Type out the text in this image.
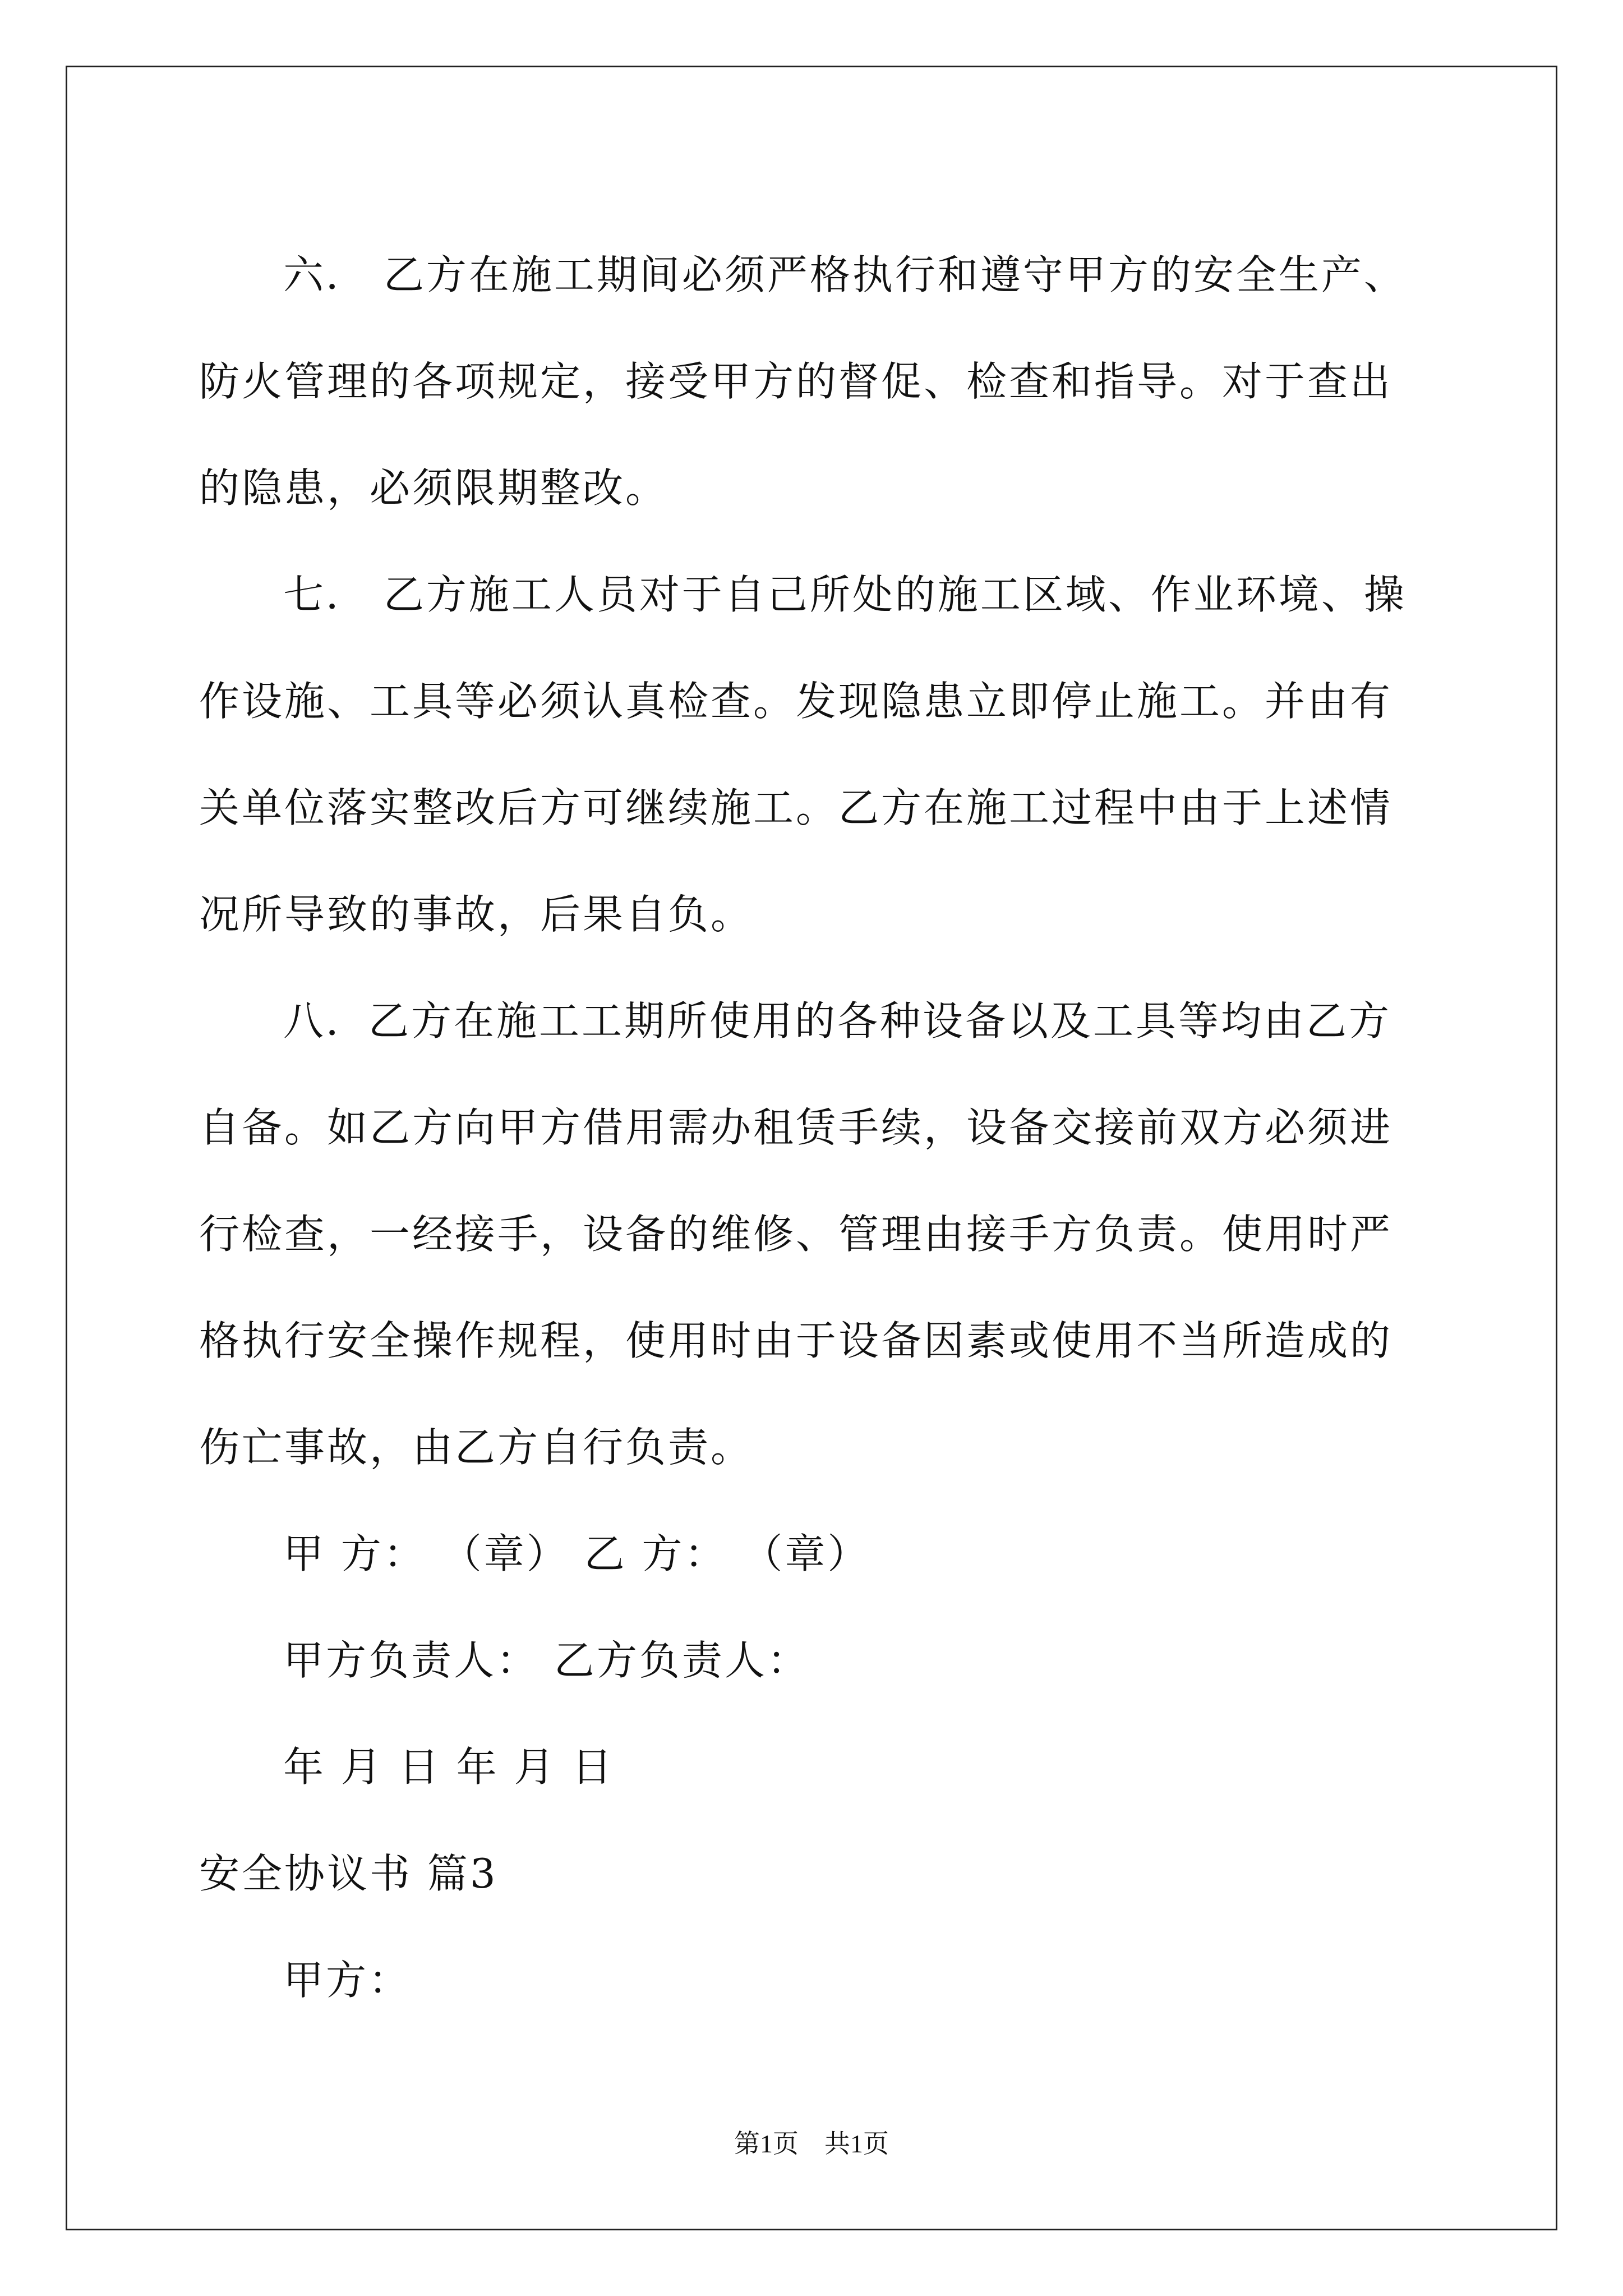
六． 乙方在施工期间必须严格执行和遵守甲方的安全生产、防火管理的各项规定，接受甲方的督促、检查和指导。对于查出的隐患，必须限期整改。

七． 乙方施工人员对于自己所处的施工区域、作业环境、操作设施、工具等必须认真检查。发现隐患立即停止施工。并由有关单位落实整改后方可继续施工。乙方在施工过程中由于上述情况所导致的事故，后果自负。

八．乙方在施工工期所使用的各种设备以及工具等均由乙方自备。如乙方向甲方借用需办租赁手续，设备交接前双方必须进行检查，一经接手，设备的维修、管理由接手方负责。使用时严格执行安全操作规程，使用时由于设备因素或使用不当所造成的伤亡事故，由乙方自行负责。

甲 方： （章） 乙 方： （章）

甲方负责人： 乙方负责人：

年 月 日 年 月 日

安全协议书 篇3

甲方：

第1页　共1页
